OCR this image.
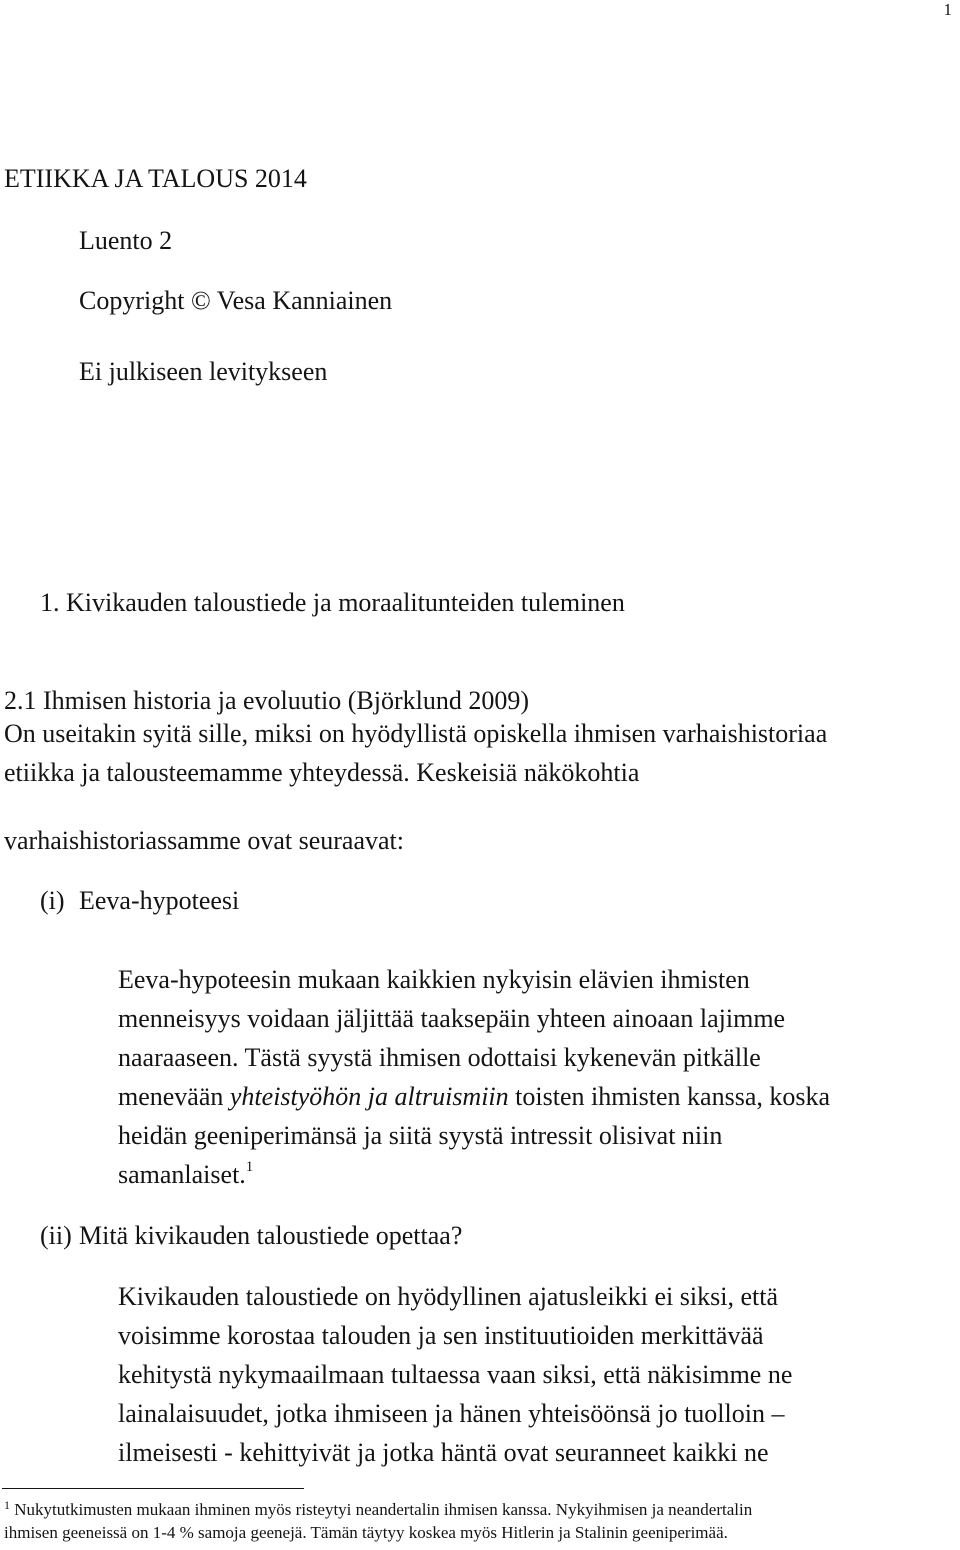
1
ETIIKKA JA TALOUS 2014
Luento 2
Copyright © Vesa Kanniainen
Ei julkiseen levitykseen
1. Kivikauden taloustiede ja moraalitunteiden tuleminen
2.1 Ihmisen historia ja evoluutio (Björklund 2009)
On useitakin syitä sille, miksi on hyödyllistä opiskella ihmisen varhaishistoriaa
etiikka ja talousteemamme yhteydessä. Keskeisiä näkökohtia
varhaishistoriassamme ovat seuraavat:
(i) Eeva-hypoteesi
Eeva-hypoteesin mukaan kaikkien nykyisin elävien ihmisten
menneisyys voidaan jäljittää taaksepäin yhteen ainoaan lajimme
naaraaseen. Tästä syystä ihmisen odottaisi kykenevän pitkälle
menevään yhteistyöhön ja altruismiin toisten ihmisten kanssa, koska
heidän geeniperimänsä ja siitä syystä intressit olisivat niin
samanlaiset.$^1$
(ii) Mitä kivikauden taloustiede opettaa?
Kivikauden taloustiede on hyödyllinen ajatusleikki ei siksi, että
voisimme korostaa talouden ja sen instituutioiden merkittävää
kehitystä nykymaailmaan tultaessa vaan siksi, että näkisimme ne
lainalaisuudet, jotka ihmiseen ja hänen yhteisöönsä jo tuolloin –
ilmeisesti - kehittyivät ja jotka häntä ovat seuranneet kaikki ne
$^1$ Nukytutkimusten mukaan ihminen myös risteytyi neandertalin ihmisen kanssa. Nykyihmisen ja neandertalin
ihmisen geeneissä on 1-4 % samoja geenejä. Tämän täytyy koskea myös Hitlerin ja Stalinin geeniperimää.
